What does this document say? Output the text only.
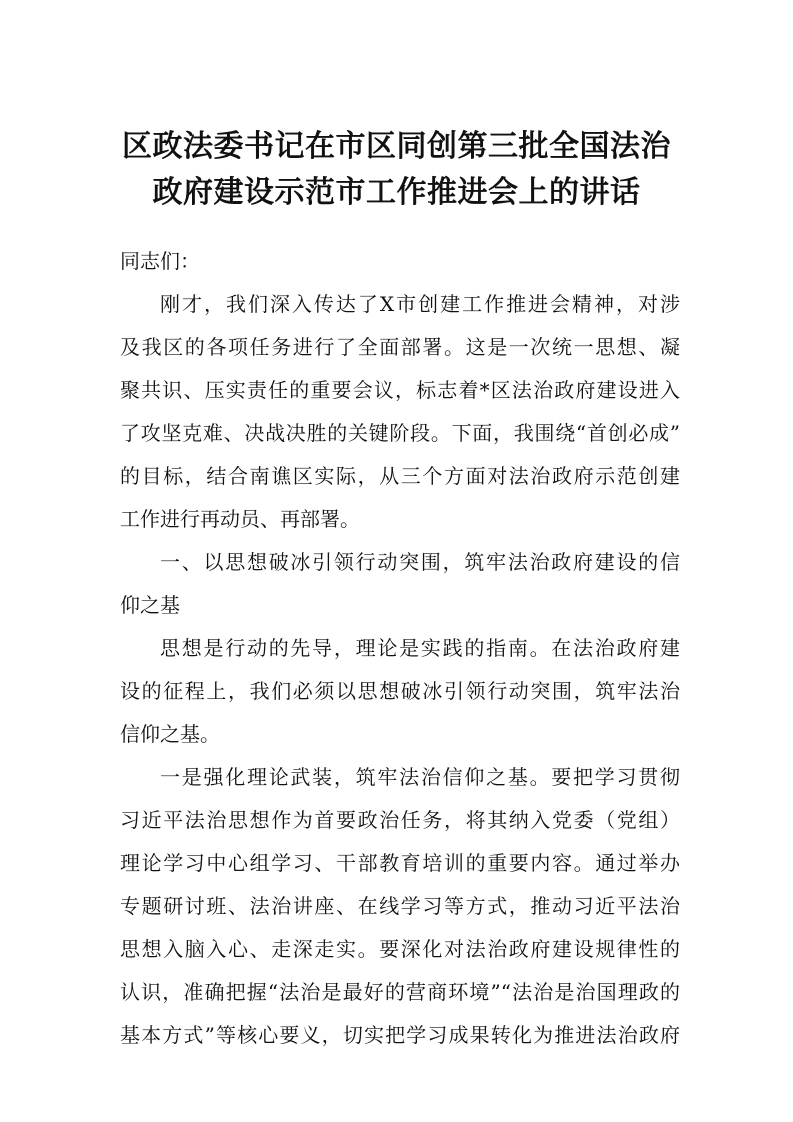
区政法委书记在市区同创第三批全国法治
政府建设示范市工作推进会上的讲话
同志们：
刚才，我们深入传达了X市创建工作推进会精神，对涉
及我区的各项任务进行了全面部署。这是一次统一思想、凝
聚共识、压实责任的重要会议，标志着*区法治政府建设进入
了攻坚克难、决战决胜的关键阶段。下面，我围绕“首创必成”
的目标，结合南谯区实际，从三个方面对法治政府示范创建
工作进行再动员、再部署。
一、以思想破冰引领行动突围，筑牢法治政府建设的信
仰之基
思想是行动的先导，理论是实践的指南。在法治政府建
设的征程上，我们必须以思想破冰引领行动突围，筑牢法治
信仰之基。
一是强化理论武装，筑牢法治信仰之基。要把学习贯彻
习近平法治思想作为首要政治任务，将其纳入党委（党组）
理论学习中心组学习、干部教育培训的重要内容。通过举办
专题研讨班、法治讲座、在线学习等方式，推动习近平法治
思想入脑入心、走深走实。要深化对法治政府建设规律性的
认识，准确把握“法治是最好的营商环境”“法治是治国理政的
基本方式”等核心要义，切实把学习成果转化为推进法治政府
